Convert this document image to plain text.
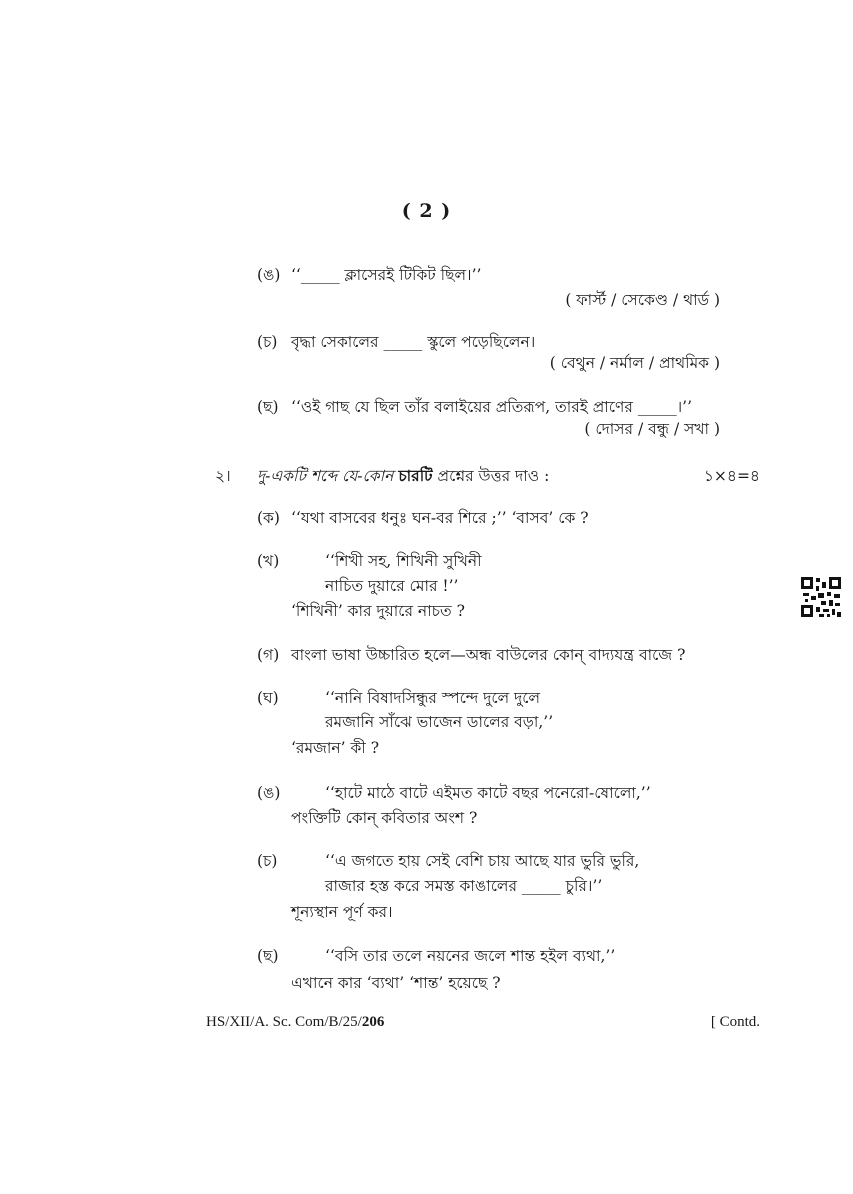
( 2 )
(ঙ) ‘‘_____ ক্লাসেরই টিকিট ছিল।’’
( ফার্স্ট / সেকেণ্ড / থার্ড )
(চ) বৃদ্ধা সেকালের _____ স্কুলে পড়েছিলেন।
( বেথুন / নর্মাল / প্রাথমিক )
(ছ) ‘‘ওই গাছ যে ছিল তাঁর বলাইয়ের প্রতিরূপ, তারই প্রাণের _____।’’
( দোসর / বন্ধু / সখা )
২। দু-একটি শব্দে যে-কোন চারটি প্রশ্নের উত্তর দাও :	১×৪=৪
(ক) ‘‘যথা বাসবের ধনুঃ ঘন-বর শিরে ;’’ ‘বাসব’ কে ?
(খ)	‘‘শিখী সহ, শিখিনী সুখিনী
নাচিত দুয়ারে মোর !’’
‘শিখিনী’ কার দুয়ারে নাচত ?
(গ) বাংলা ভাষা উচ্চারিত হলে—অন্ধ বাউলের কোন্ বাদ্যযন্ত্র বাজে ?
(ঘ)	‘‘নানি বিষাদসিন্ধুর স্পন্দে দুলে দুলে
রমজানি সাঁঝে ভাজেন ডালের বড়া,’’
‘রমজান’ কী ?
(ঙ)	‘‘হাটে মাঠে বাটে এইমত কাটে বছর পনেরো-ষোলো,’’
পংক্তিটি কোন্ কবিতার অংশ ?
(চ)	‘‘এ জগতে হায় সেই বেশি চায় আছে যার ভুরি ভুরি,
রাজার হস্ত করে সমস্ত কাঙালের _____ চুরি।’’
শূন্যস্থান পূর্ণ কর।
(ছ)	‘‘বসি তার তলে নয়নের জলে শান্ত হইল ব্যথা,’’
এখানে কার ‘ব্যথা’ ‘শান্ত’ হয়েছে ?
HS/XII/A. Sc. Com/B/25/206	[ Contd.
